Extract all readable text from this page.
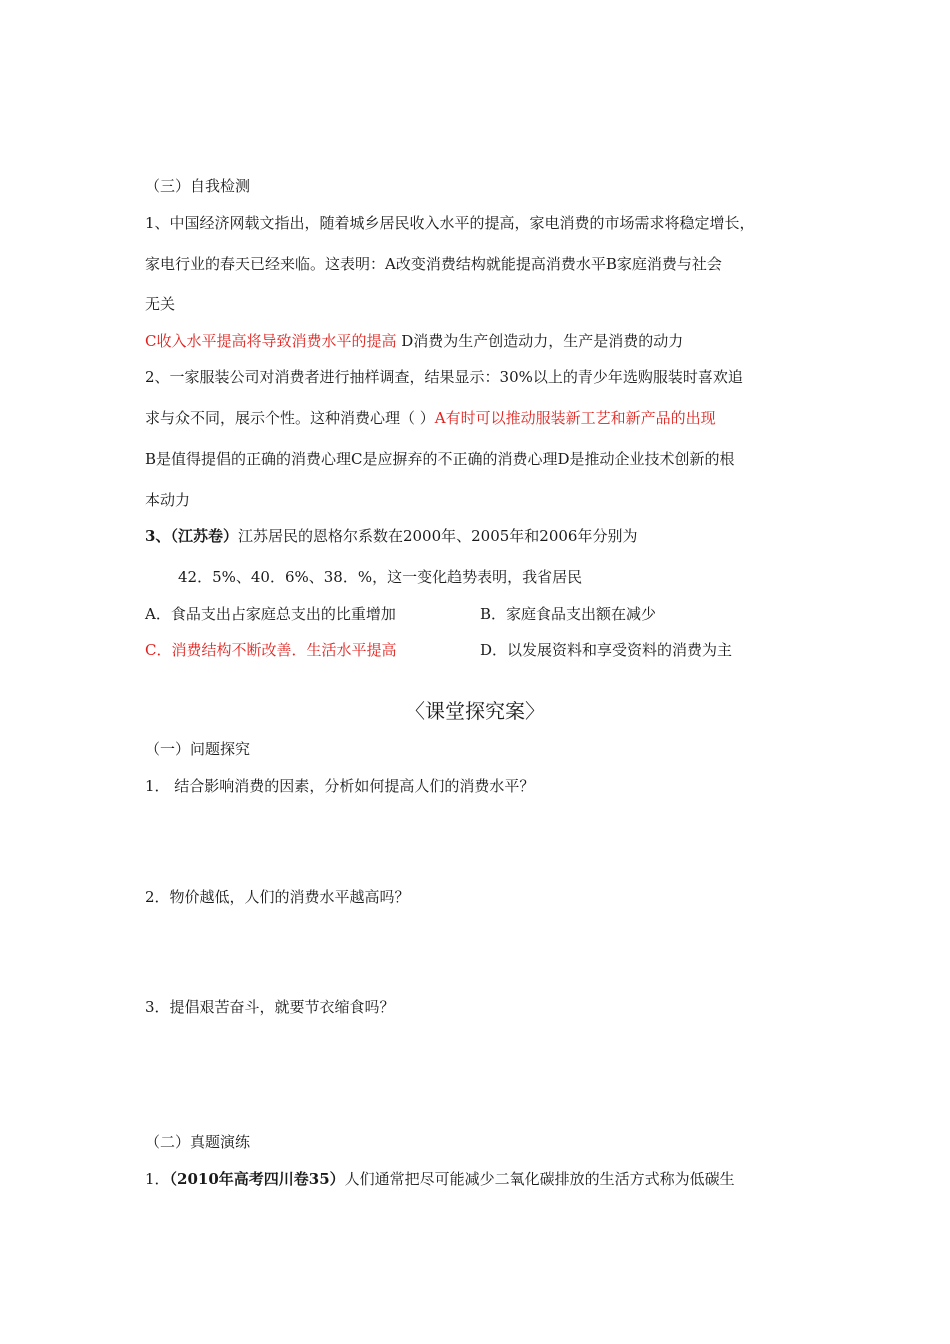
（三）自我检测
1、中国经济网载文指出，随着城乡居民收入水平的提高，家电消费的市场需求将稳定增长，
家电行业的春天已经来临。这表明：A改变消费结构就能提高消费水平B家庭消费与社会
无关
C收入水平提高将导致消费水平的提高 D消费为生产创造动力，生产是消费的动力
2、一家服装公司对消费者进行抽样调查，结果显示：30%以上的青少年选购服装时喜欢追
求与众不同，展示个性。这种消费心理（ ）A有时可以推动服装新工艺和新产品的出现
B是值得提倡的正确的消费心理C是应摒弃的不正确的消费心理D是推动企业技术创新的根
本动力
3、（江苏卷）江苏居民的恩格尔系数在2000年、2005年和2006年分别为
42．5%、40．6%、38．%，这一变化趋势表明，我省居民
A．食品支出占家庭总支出的比重增加	B．家庭食品支出额在减少
C．消费结构不断改善．生活水平提高	D．以发展资料和享受资料的消费为主
〈课堂探究案〉
（一）问题探究
1． 结合影响消费的因素，分析如何提高人们的消费水平？
2．物价越低，人们的消费水平越高吗？
3．提倡艰苦奋斗，就要节衣缩食吗？
（二）真题演练
1．（2010年高考四川卷35）人们通常把尽可能减少二氧化碳排放的生活方式称为低碳生
